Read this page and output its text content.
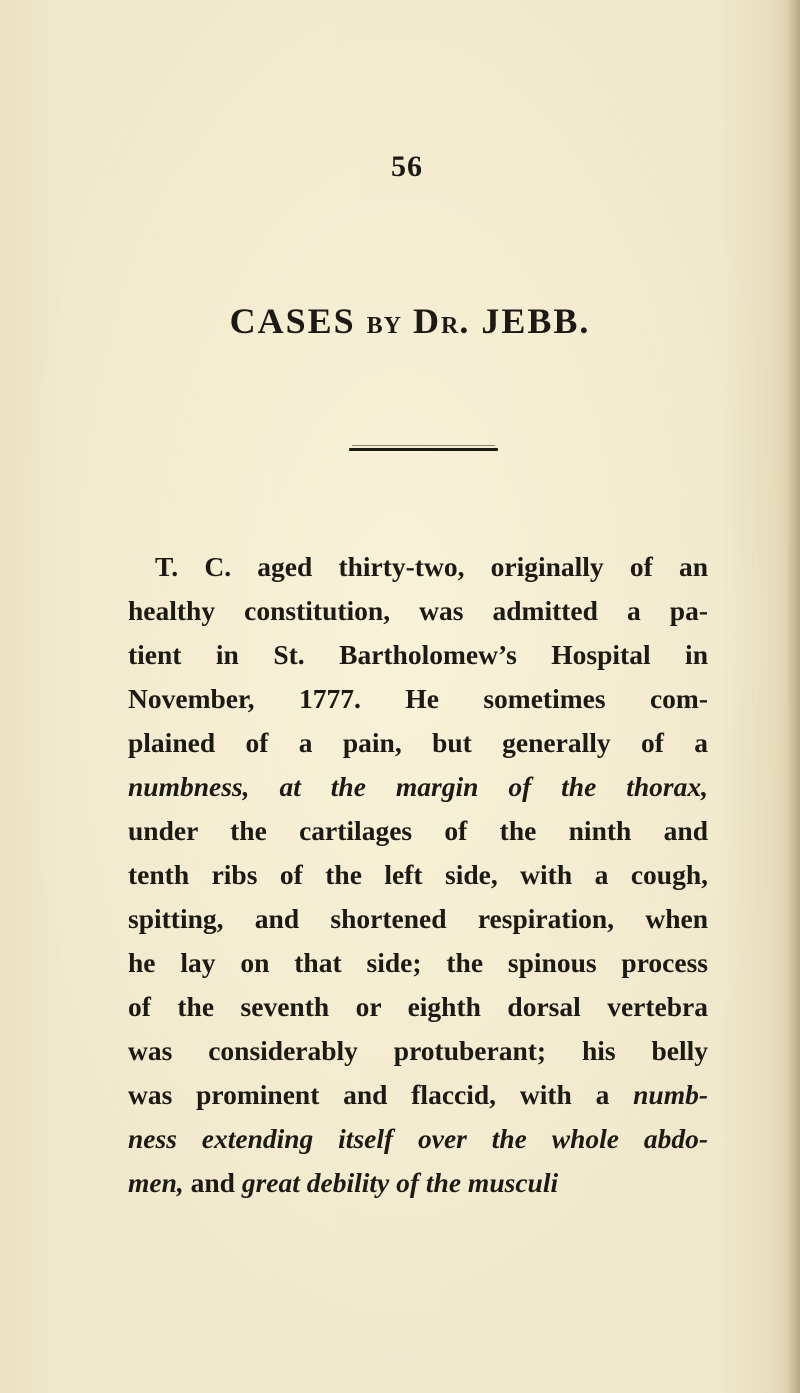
56
CASES BY DR. JEBB.
T. C. aged thirty-two, originally of an
healthy constitution, was admitted a pa-
tient in St. Bartholomew’s Hospital in
November, 1777. He sometimes com-
plained of a pain, but generally of a
numbness, at the margin of the thorax,
under the cartilages of the ninth and
tenth ribs of the left side, with a cough,
spitting, and shortened respiration, when
he lay on that side; the spinous process
of the seventh or eighth dorsal vertebra
was considerably protuberant; his belly
was prominent and flaccid, with a numb-
ness extending itself over the whole abdo-
men, and great debility of the musculi
